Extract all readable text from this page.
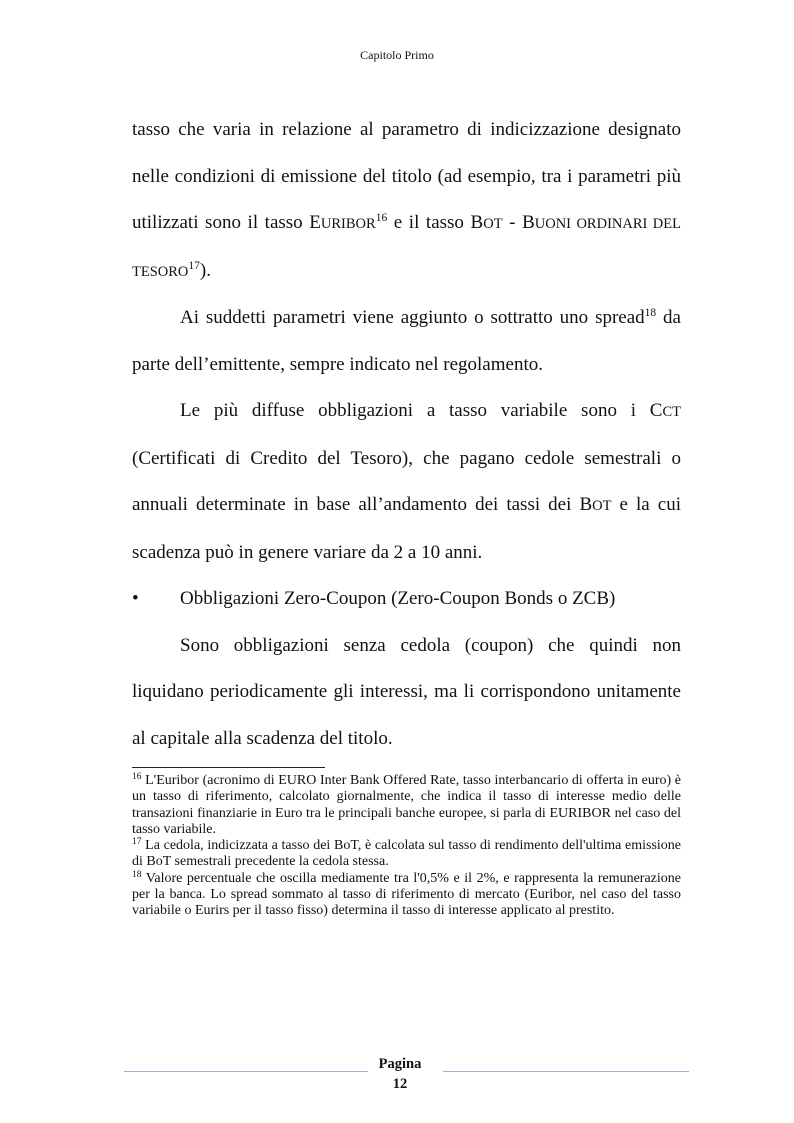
Capitolo Primo

tasso che varia in relazione al parametro di indicizzazione designato nelle condizioni di emissione del titolo (ad esempio, tra i parametri più utilizzati sono il tasso EURIBOR$^{16}$ e il tasso BOT - BUONI ORDINARI DEL TESORO$^{17}$).

Ai suddetti parametri viene aggiunto o sottratto uno spread$^{18}$ da parte dell’emittente, sempre indicato nel regolamento.

Le più diffuse obbligazioni a tasso variabile sono i CCT (Certificati di Credito del Tesoro), che pagano cedole semestrali o annuali determinate in base all’andamento dei tassi dei BOT e la cui scadenza può in genere variare da 2 a 10 anni.

• Obbligazioni Zero-Coupon (Zero-Coupon Bonds o ZCB)

Sono obbligazioni senza cedola (coupon) che quindi non liquidano periodicamente gli interessi, ma li corrispondono unitamente al capitale alla scadenza del titolo.

$^{16}$ L'Euribor (acronimo di EURO Inter Bank Offered Rate, tasso interbancario di offerta in euro) è un tasso di riferimento, calcolato giornalmente, che indica il tasso di interesse medio delle transazioni finanziarie in Euro tra le principali banche europee, si parla di EURIBOR nel caso del tasso variabile.

$^{17}$ La cedola, indicizzata a tasso dei BoT, è calcolata sul tasso di rendimento dell'ultima emissione di BoT semestrali precedente la cedola stessa.

$^{18}$ Valore percentuale che oscilla mediamente tra l'0,5% e il 2%, e rappresenta la remunerazione per la banca. Lo spread sommato al tasso di riferimento di mercato (Euribor, nel caso del tasso variabile o Eurirs per il tasso fisso) determina il tasso di interesse applicato al prestito.

Pagina
12
